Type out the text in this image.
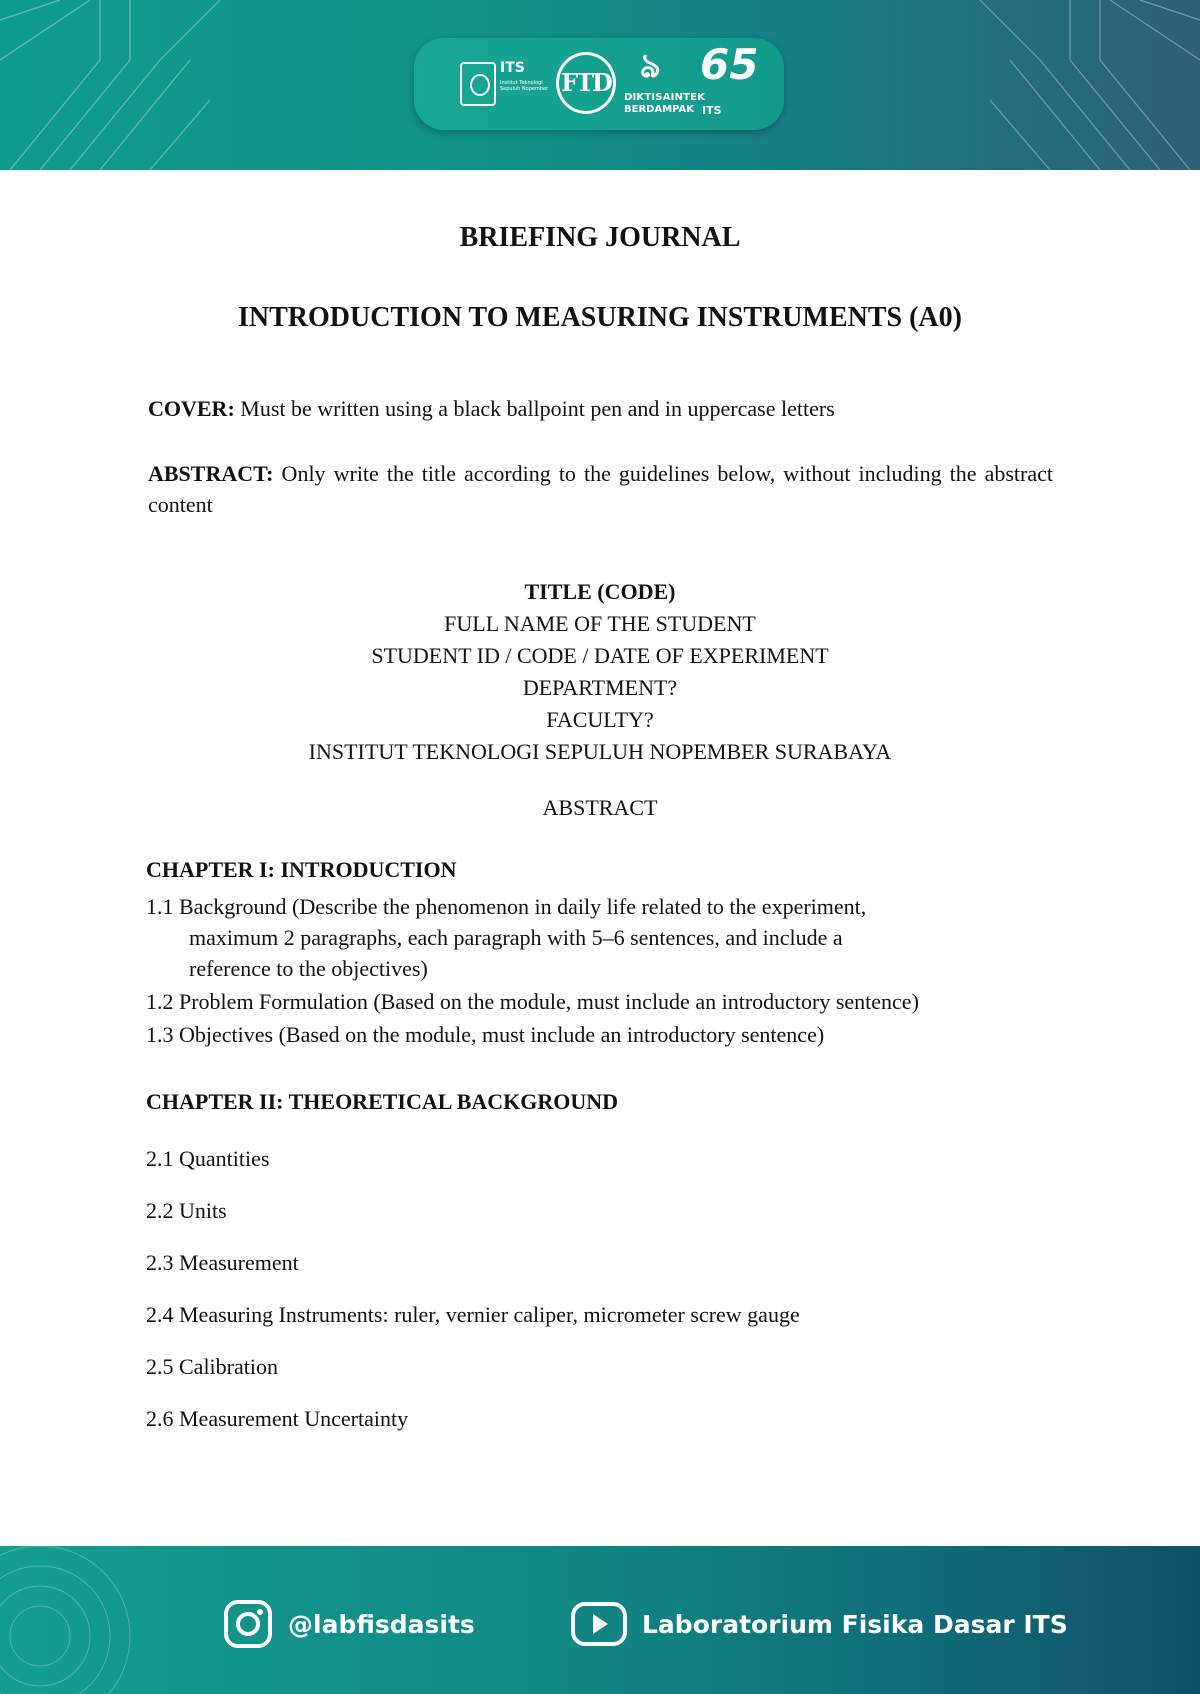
ITS
Institut Teknologi Sepuluh Nopember FTD ঌ
DIKTISAINTEK
BERDAMPAK
65
ITS
BRIEFING JOURNAL
INTRODUCTION TO MEASURING INSTRUMENTS (A0)
COVER: Must be written using a black ballpoint pen and in uppercase letters
ABSTRACT: Only write the title according to the guidelines below, without including the abstract content
TITLE (CODE)
FULL NAME OF THE STUDENT
STUDENT ID / CODE / DATE OF EXPERIMENT
DEPARTMENT?
FACULTY?
INSTITUT TEKNOLOGI SEPULUH NOPEMBER SURABAYA
ABSTRACT
CHAPTER I: INTRODUCTION
1.1 Background (Describe the phenomenon in daily life related to the experiment,
maximum 2 paragraphs, each paragraph with 5–6 sentences, and include a
reference to the objectives)
1.2 Problem Formulation (Based on the module, must include an introductory sentence)
1.3 Objectives (Based on the module, must include an introductory sentence)
CHAPTER II: THEORETICAL BACKGROUND
2.1 Quantities
2.2 Units
2.3 Measurement
2.4 Measuring Instruments: ruler, vernier caliper, micrometer screw gauge
2.5 Calibration
2.6 Measurement Uncertainty
@labfisdasits	Laboratorium Fisika Dasar ITS
